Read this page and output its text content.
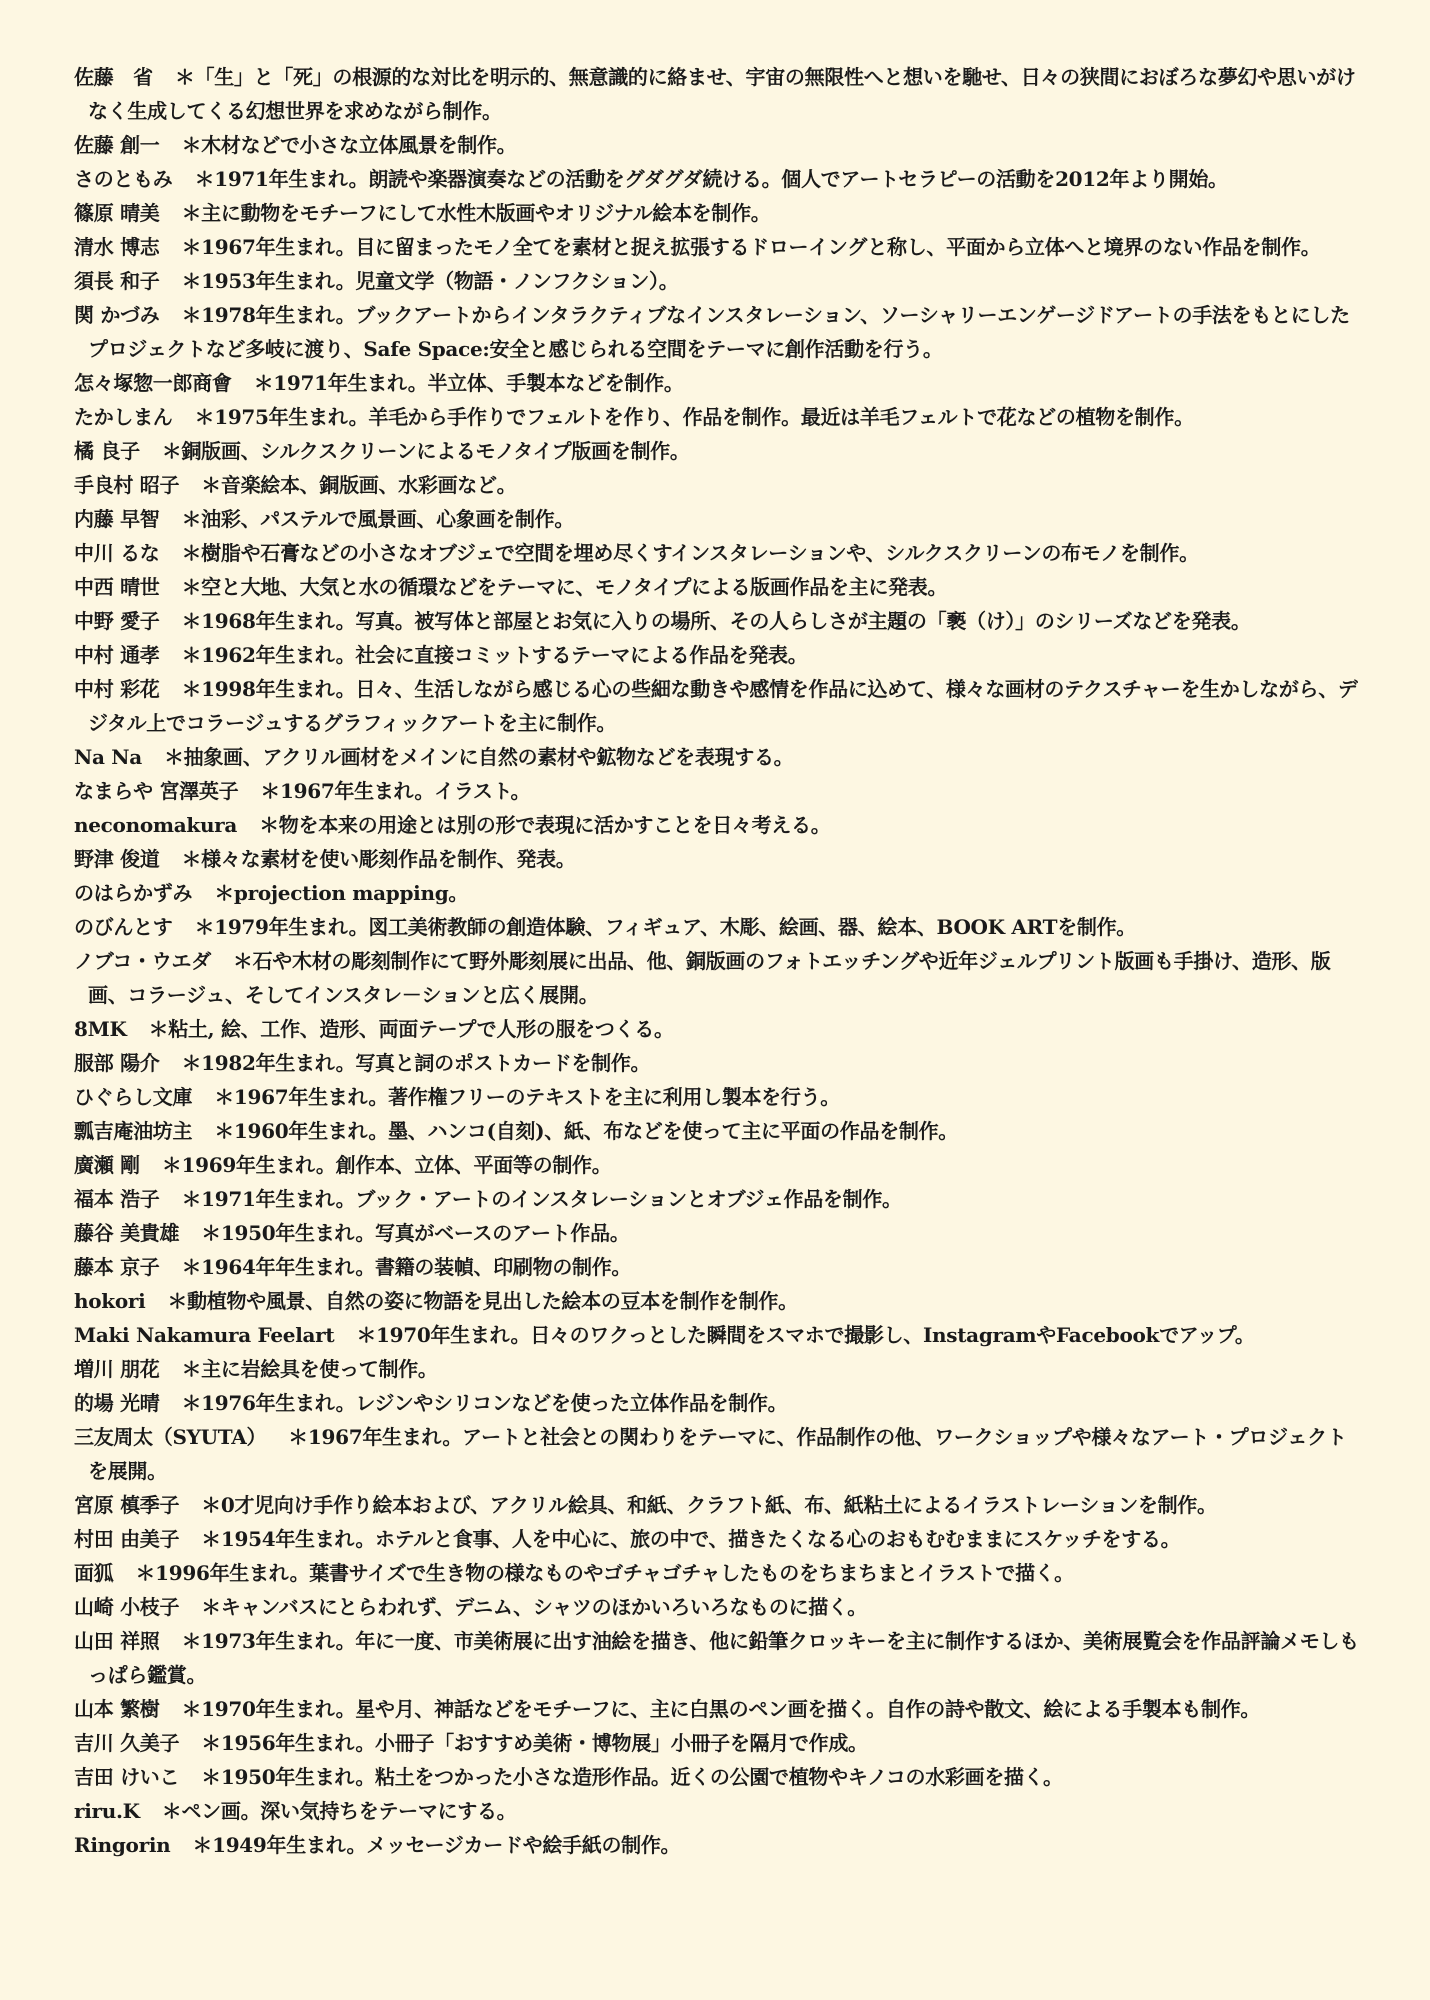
佐藤　省 ＊「生」と「死」の根源的な対比を明示的、無意識的に絡ませ、宇宙の無限性へと想いを馳せ、日々の狭間におぼろな夢幻や思いがけなく生成してくる幻想世界を求めながら制作。

佐藤 創一 ＊木材などで小さな立体風景を制作。

さのともみ ＊1971年生まれ。朗読や楽器演奏などの活動をグダグダ続ける。個人でアートセラピーの活動を2012年より開始。

篠原 晴美 ＊主に動物をモチーフにして水性木版画やオリジナル絵本を制作。

清水 博志 ＊1967年生まれ。目に留まったモノ全てを素材と捉え拡張するドローイングと称し、平面から立体へと境界のない作品を制作。

須長 和子 ＊1953年生まれ。児童文学（物語・ノンフクション）。

関 かづみ ＊1978年生まれ。ブックアートからインタラクティブなインスタレーション、ソーシャリーエンゲージドアートの手法をもとにしたプロジェクトなど多岐に渡り、Safe Space:安全と感じられる空間をテーマに創作活動を行う。

怎々塚惣一郎商會 ＊1971年生まれ。半立体、手製本などを制作。

たかしまん ＊1975年生まれ。羊毛から手作りでフェルトを作り、作品を制作。最近は羊毛フェルトで花などの植物を制作。

橘 良子 ＊銅版画、シルクスクリーンによるモノタイプ版画を制作。

手良村 昭子 ＊音楽絵本、銅版画、水彩画など。

内藤 早智 ＊油彩、パステルで風景画、心象画を制作。

中川 るな ＊樹脂や石膏などの小さなオブジェで空間を埋め尽くすインスタレーションや、シルクスクリーンの布モノを制作。

中西 晴世 ＊空と大地、大気と水の循環などをテーマに、モノタイプによる版画作品を主に発表。

中野 愛子 ＊1968年生まれ。写真。被写体と部屋とお気に入りの場所、その人らしさが主題の「褻（け）」のシリーズなどを発表。

中村 通孝 ＊1962年生まれ。社会に直接コミットするテーマによる作品を発表。

中村 彩花 ＊1998年生まれ。日々、生活しながら感じる心の些細な動きや感情を作品に込めて、様々な画材のテクスチャーを生かしながら、デジタル上でコラージュするグラフィックアートを主に制作。

Na Na ＊抽象画、アクリル画材をメインに自然の素材や鉱物などを表現する。

なまらや 宮澤英子 ＊1967年生まれ。イラスト。

neconomakura ＊物を本来の用途とは別の形で表現に活かすことを日々考える。

野津 俊道 ＊様々な素材を使い彫刻作品を制作、発表。

のはらかずみ ＊projection mapping。

のびんとす ＊1979年生まれ。図工美術教師の創造体験、フィギュア、木彫、絵画、器、絵本、BOOK ARTを制作。

ノブコ・ウエダ ＊石や木材の彫刻制作にて野外彫刻展に出品、他、銅版画のフォトエッチングや近年ジェルプリント版画も手掛け、造形、版画、コラージュ、そしてインスタレ－ションと広く展開。

8MK ＊粘土, 絵、工作、造形、両面テープで人形の服をつくる。

服部 陽介 ＊1982年生まれ。写真と詞のポストカードを制作。

ひぐらし文庫 ＊1967年生まれ。著作権フリーのテキストを主に利用し製本を行う。

瓢吉庵油坊主 ＊1960年生まれ。墨、ハンコ(自刻)、紙、布などを使って主に平面の作品を制作。

廣瀬 剛 ＊1969年生まれ。創作本、立体、平面等の制作。

福本 浩子 ＊1971年生まれ。ブック・アートのインスタレーションとオブジェ作品を制作。

藤谷 美貴雄 ＊1950年生まれ。写真がベースのアート作品。

藤本 京子 ＊1964年年生まれ。書籍の装幀、印刷物の制作。

hokori ＊動植物や風景、自然の姿に物語を見出した絵本の豆本を制作を制作。

Maki Nakamura Feelart ＊1970年生まれ。日々のワクっとした瞬間をスマホで撮影し、InstagramやFacebookでアップ。

増川 朋花 ＊主に岩絵具を使って制作。

的場 光晴 ＊1976年生まれ。レジンやシリコンなどを使った立体作品を制作。

三友周太（SYUTA） ＊1967年生まれ。アートと社会との関わりをテーマに、作品制作の他、ワークショップや様々なアート・プロジェクトを展開。

宮原 槙季子 ＊0才児向け手作り絵本および、アクリル絵具、和紙、クラフト紙、布、紙粘土によるイラストレーションを制作。

村田 由美子 ＊1954年生まれ。ホテルと食事、人を中心に、旅の中で、描きたくなる心のおもむむままにスケッチをする。

面狐 ＊1996年生まれ。葉書サイズで生き物の様なものやゴチャゴチャしたものをちまちまとイラストで描く。

山崎 小枝子 ＊キャンバスにとらわれず、デニム、シャツのほかいろいろなものに描く。

山田 祥照 ＊1973年生まれ。年に一度、市美術展に出す油絵を描き、他に鉛筆クロッキーを主に制作するほか、美術展覧会を作品評論メモしもっぱら鑑賞。

山本 繁樹 ＊1970年生まれ。星や月、神話などをモチーフに、主に白黒のペン画を描く。自作の詩や散文、絵による手製本も制作。

吉川 久美子 ＊1956年生まれ。小冊子「おすすめ美術・博物展」小冊子を隔月で作成。

吉田 けいこ ＊1950年生まれ。粘土をつかった小さな造形作品。近くの公園で植物やキノコの水彩画を描く。

riru.K ＊ペン画。深い気持ちをテーマにする。

Ringorin ＊1949年生まれ。メッセージカードや絵手紙の制作。
